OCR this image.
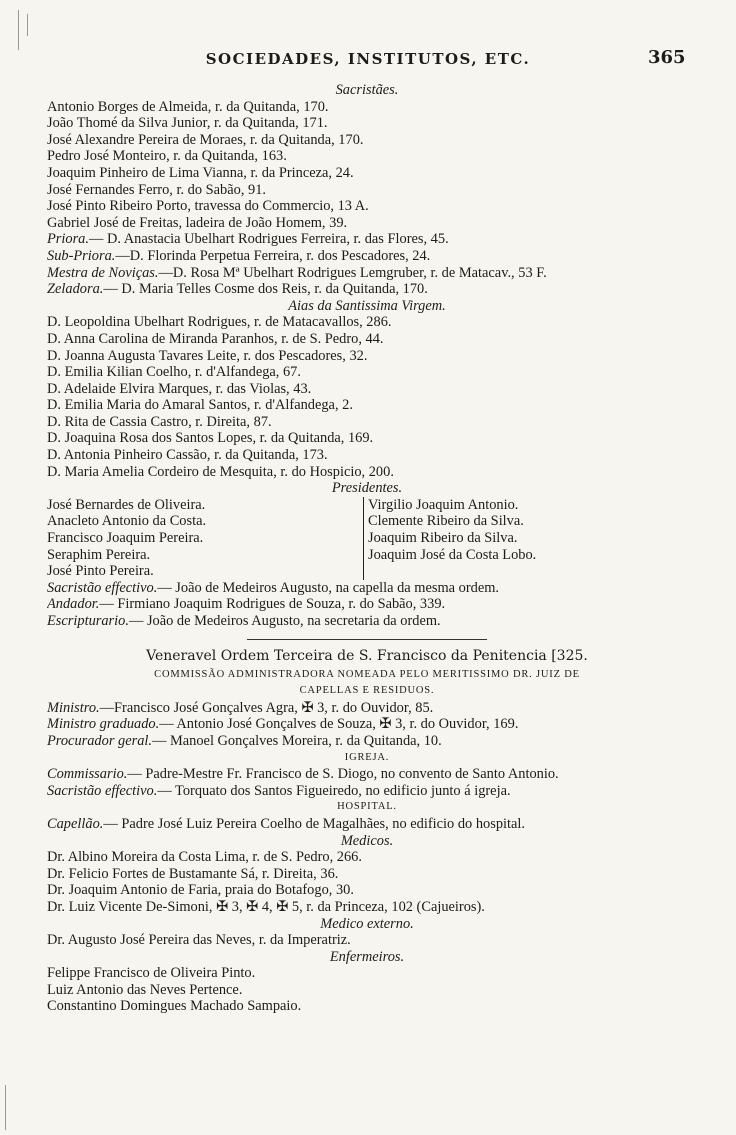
SOCIEDADES, INSTITUTOS, ETC.	365
Sacristães.
Antonio Borges de Almeida, r. da Quitanda, 170.
João Thomé da Silva Junior, r. da Quitanda, 171.
José Alexandre Pereira de Moraes, r. da Quitanda, 170.
Pedro José Monteiro, r. da Quitanda, 163.
Joaquim Pinheiro de Lima Vianna, r. da Princeza, 24.
José Fernandes Ferro, r. do Sabão, 91.
José Pinto Ribeiro Porto, travessa do Commercio, 13 A.
Gabriel José de Freitas, ladeira de João Homem, 39.
Priora.— D. Anastacia Ubelhart Rodrigues Ferreira, r. das Flores, 45.
Sub-Priora.—D. Florinda Perpetua Ferreira, r. dos Pescadores, 24.
Mestra de Noviças.—D. Rosa Mª Ubelhart Rodrigues Lemgruber, r. de Matacav., 53 F.
Zeladora.— D. Maria Telles Cosme dos Reis, r. da Quitanda, 170.
Aias da Santissima Virgem.
D. Leopoldina Ubelhart Rodrigues, r. de Matacavallos, 286.
D. Anna Carolina de Miranda Paranhos, r. de S. Pedro, 44.
D. Joanna Augusta Tavares Leite, r. dos Pescadores, 32.
D. Emilia Kilian Coelho, r. d'Alfandega, 67.
D. Adelaide Elvira Marques, r. das Violas, 43.
D. Emilia Maria do Amaral Santos, r. d'Alfandega, 2.
D. Rita de Cassia Castro, r. Direita, 87.
D. Joaquina Rosa dos Santos Lopes, r. da Quitanda, 169.
D. Antonia Pinheiro Cassão, r. da Quitanda, 173.
D. Maria Amelia Cordeiro de Mesquita, r. do Hospicio, 200.
Presidentes.
José Bernardes de Oliveira.
Anacleto Antonio da Costa.
Francisco Joaquim Pereira.
Seraphim Pereira.
José Pinto Pereira.
Virgilio Joaquim Antonio.
Clemente Ribeiro da Silva.
Joaquim Ribeiro da Silva.
Joaquim José da Costa Lobo.
Sacristão effectivo.— João de Medeiros Augusto, na capella da mesma ordem.
Andador.— Firmiano Joaquim Rodrigues de Souza, r. do Sabão, 339.
Escripturario.— João de Medeiros Augusto, na secretaria da ordem.
Veneravel Ordem Terceira de S. Francisco da Penitencia [325.
COMMISSÃO ADMINISTRADORA NOMEADA PELO MERITISSIMO DR. JUIZ DE
CAPELLAS E RESIDUOS.
Ministro.—Francisco José Gonçalves Agra, ✠ 3, r. do Ouvidor, 85.
Ministro graduado.— Antonio José Gonçalves de Souza, ✠ 3, r. do Ouvidor, 169.
Procurador geral.— Manoel Gonçalves Moreira, r. da Quitanda, 10.
IGREJA.
Commissario.— Padre-Mestre Fr. Francisco de S. Diogo, no convento de Santo Antonio.
Sacristão effectivo.— Torquato dos Santos Figueiredo, no edificio junto á igreja.
HOSPITAL.
Capellão.— Padre José Luiz Pereira Coelho de Magalhães, no edificio do hospital.
Medicos.
Dr. Albino Moreira da Costa Lima, r. de S. Pedro, 266.
Dr. Felicio Fortes de Bustamante Sá, r. Direita, 36.
Dr. Joaquim Antonio de Faria, praia do Botafogo, 30.
Dr. Luiz Vicente De-Simoni, ✠ 3, ✠ 4, ✠ 5, r. da Princeza, 102 (Cajueiros).
Medico externo.
Dr. Augusto José Pereira das Neves, r. da Imperatriz.
Enfermeiros.
Felippe Francisco de Oliveira Pinto.
Luiz Antonio das Neves Pertence.
Constantino Domingues Machado Sampaio.
